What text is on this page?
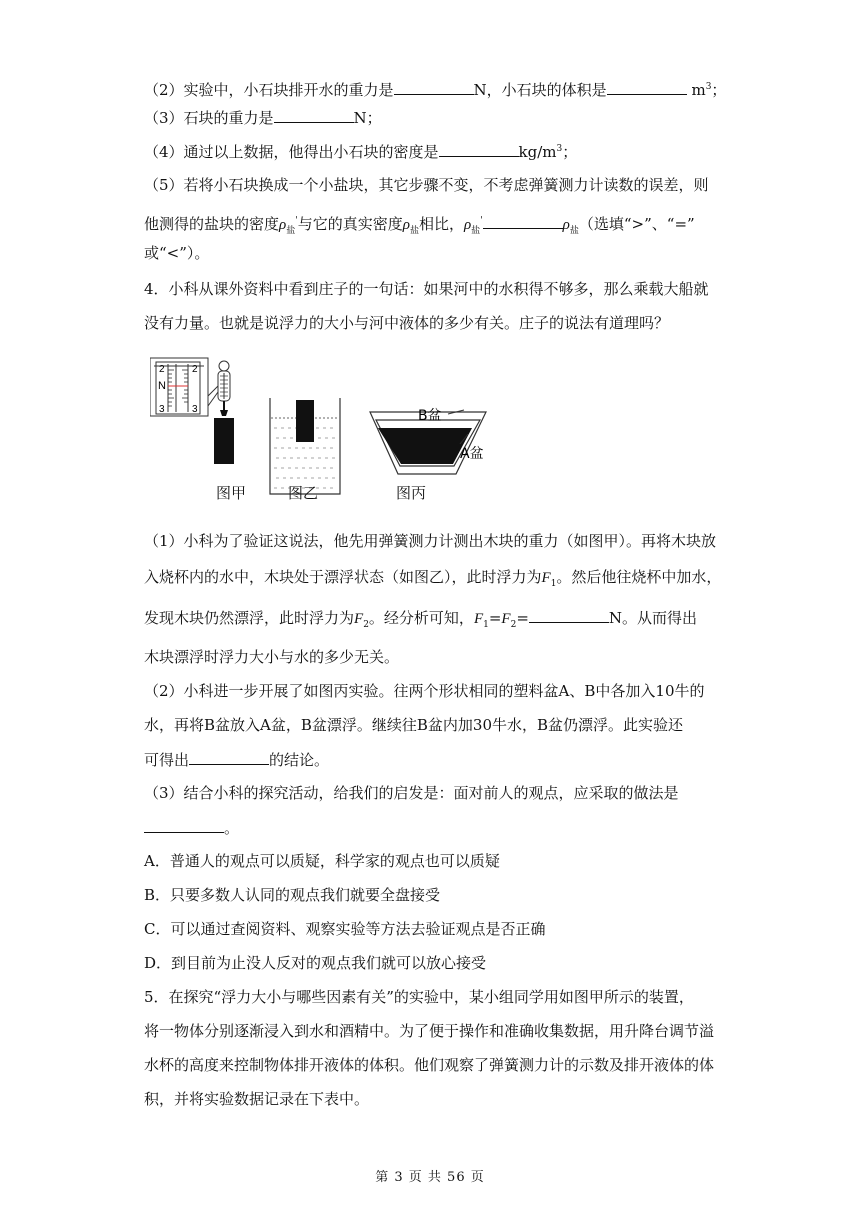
（2）实验中，小石块排开水的重力是	N，小石块的体积是	$m^3$；
（3）石块的重力是	N；
（4）通过以上数据，他得出小石块的密度是	$kg/m^3$；
（5）若将小石块换成一个小盐块，其它步骤不变，不考虑弹簧测力计读数的误差，则
他测得的盐块的密度$\rho_盐'$与它的真实密度$\rho_盐$相比，$\rho_盐'$	$\rho_盐$（选填“>”、“=”
或“<”）。
4．小科从课外资料中看到庄子的一句话：如果河中的水积得不够多，那么乘载大船就
没有力量。也就是说浮力的大小与河中液体的多少有关。庄子的说法有道理吗？
2	2
N
3	3	B盆
A盆
图甲	图乙	图丙
（1）小科为了验证这说法，他先用弹簧测力计测出木块的重力（如图甲）。再将木块放
入烧杯内的水中，木块处于漂浮状态（如图乙），此时浮力为$F_1$。然后他往烧杯中加水，
发现木块仍然漂浮，此时浮力为$F_2$。经分析可知，$F_1=F_2=$	N。从而得出
木块漂浮时浮力大小与水的多少无关。
（2）小科进一步开展了如图丙实验。往两个形状相同的塑料盆A、B中各加入10牛的
水，再将B盆放入A盆，B盆漂浮。继续往B盆内加30牛水，B盆仍漂浮。此实验还
可得出	的结论。
（3）结合小科的探究活动，给我们的启发是：面对前人的观点，应采取的做法是
。
A．普通人的观点可以质疑，科学家的观点也可以质疑
B．只要多数人认同的观点我们就要全盘接受
C．可以通过查阅资料、观察实验等方法去验证观点是否正确
D．到目前为止没人反对的观点我们就可以放心接受
5．在探究“浮力大小与哪些因素有关”的实验中，某小组同学用如图甲所示的装置，
将一物体分别逐渐浸入到水和酒精中。为了便于操作和准确收集数据，用升降台调节溢
水杯的高度来控制物体排开液体的体积。他们观察了弹簧测力计的示数及排开液体的体
积，并将实验数据记录在下表中。
第 3 页 共 56 页
